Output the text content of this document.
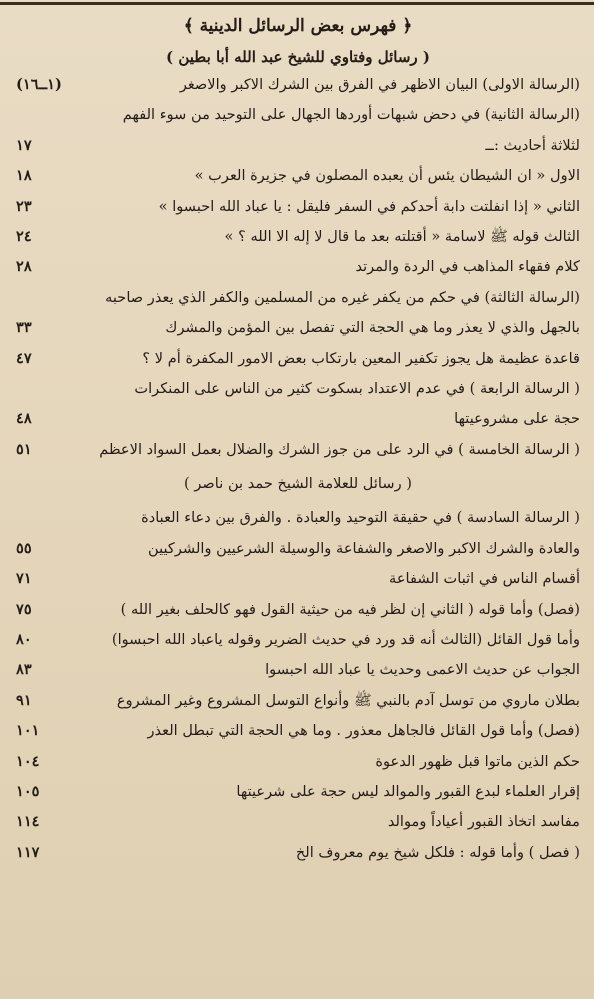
﴿ فهرس بعض الرسائل الدينية ﴾
( رسائل وفتاوي للشيخ عبد الله أبا بطين )
(الرسالة الاولى) البيان الاظهر في الفرق بين الشرك الاكبر والاصغر
(١ــ١٦)
(الرسالة الثانية) في دحض شبهات أوردها الجهال على التوحيد من سوء الفهم
لثلاثة أحاديث :ــ
١٧
الاول « ان الشيطان يئس أن يعبده المصلون في جزيرة العرب »
١٨
الثاني « إذا انفلتت دابة أحدكم في السفر فليقل : يا عباد الله احبسوا »
٢٣
الثالث قوله ﷺ لاسامة « أقتلته بعد ما قال لا إله الا الله ؟ »
٢٤
كلام فقهاء المذاهب في الردة والمرتد
٢٨
(الرسالة الثالثة) في حكم من يكفر غيره من المسلمين والكفر الذي يعذر صاحبه
بالجهل والذي لا يعذر وما هي الحجة التي تفصل بين المؤمن والمشرك
٣٣
قاعدة عظيمة هل يجوز تكفير المعين بارتكاب بعض الامور المكفرة أم لا ؟
٤٧
( الرسالة الرابعة ) في عدم الاعتداد بسكوت كثير من الناس على المنكرات
حجة على مشروعيتها
٤٨
( الرسالة الخامسة ) في الرد على من جوز الشرك والضلال بعمل السواد الاعظم
٥١
( رسائل للعلامة الشيخ حمد بن ناصر )
( الرسالة السادسة ) في حقيقة التوحيد والعبادة . والفرق بين دعاء العبادة
والعادة والشرك الاكبر والاصغر والشفاعة والوسيلة الشرعيين والشركيين
٥٥
أقسام الناس في اثبات الشفاعة
٧١
(فصل) وأما قوله ( الثاني إن لظر فيه من حيثية القول فهو كالحلف بغير الله )
٧٥
وأما قول القائل (الثالث أنه قد ورد في حديث الضرير وقوله ياعباد الله احبسوا)
٨٠
الجواب عن حديث الاعمى وحديث يا عباد الله احبسوا
٨٣
بطلان ماروي من توسل آدم بالنبي ﷺ وأنواع التوسل المشروع وغير المشروع
٩١
(فصل) وأما قول القائل فالجاهل معذور . وما هي الحجة التي تبطل العذر
١٠١
حكم الذين ماتوا قبل ظهور الدعوة
١٠٤
إقرار العلماء لبدع القبور والموالد ليس حجة على شرعيتها
١٠٥
مفاسد اتخاذ القبور أعياداً وموالد
١١٤
( فصل ) وأما قوله : فلكل شيخ يوم معروف الخ
١١٧
